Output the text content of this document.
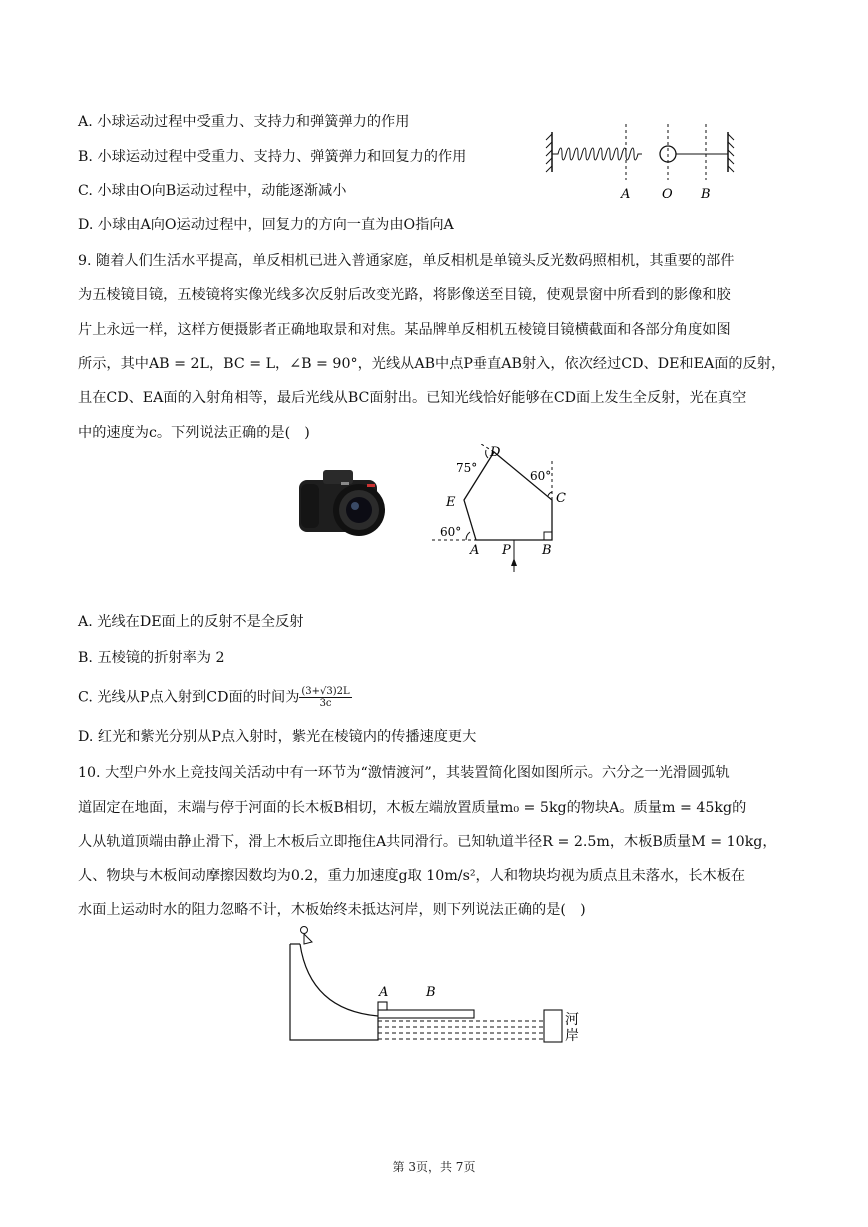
A. 小球运动过程中受重力、支持力和弹簧弹力的作用
B. 小球运动过程中受重力、支持力、弹簧弹力和回复力的作用
C. 小球由O向B运动过程中，动能逐渐减小
D. 小球由A向O运动过程中，回复力的方向一直为由O指向A
A O B
9. 随着人们生活水平提高，单反相机已进入普通家庭，单反相机是单镜头反光数码照相机，其重要的部件
为五棱镜目镜，五棱镜将实像光线多次反射后改变光路，将影像送至目镜，使观景窗中所看到的影像和胶
片上永远一样，这样方便摄影者正确地取景和对焦。某品牌单反相机五棱镜目镜横截面和各部分角度如图
所示，其中AB = 2L，BC = L，∠B = 90°，光线从AB中点P垂直AB射入，依次经过CD、DE和EA面的反射，
且在CD、EA面的入射角相等，最后光线从BC面射出。已知光线恰好能够在CD面上发生全反射，光在真空
中的速度为c。下列说法正确的是(　)
D
C
E
A P B
75°
60°
60°
A. 光线在DE面上的反射不是全反射
B. 五棱镜的折射率为 2
C. 光线从P点入射到CD面的时间为 $\frac{(3+√3)2L}{3c}$
D. 红光和紫光分别从P点入射时，紫光在棱镜内的传播速度更大
10. 大型户外水上竞技闯关活动中有一环节为“激情渡河”，其装置简化图如图所示。六分之一光滑圆弧轨
道固定在地面，末端与停于河面的长木板B相切，木板左端放置质量m₀ = 5kg的物块A。质量m = 45kg的
人从轨道顶端由静止滑下，滑上木板后立即拖住A共同滑行。已知轨道半径R = 2.5m，木板B质量M = 10kg，
人、物块与木板间动摩擦因数均为0.2，重力加速度g取 10m/s²，人和物块均视为质点且未落水，长木板在
水面上运动时水的阻力忽略不计，木板始终未抵达河岸，则下列说法正确的是(　)
A	B
河
岸
第 3页，共 7页
